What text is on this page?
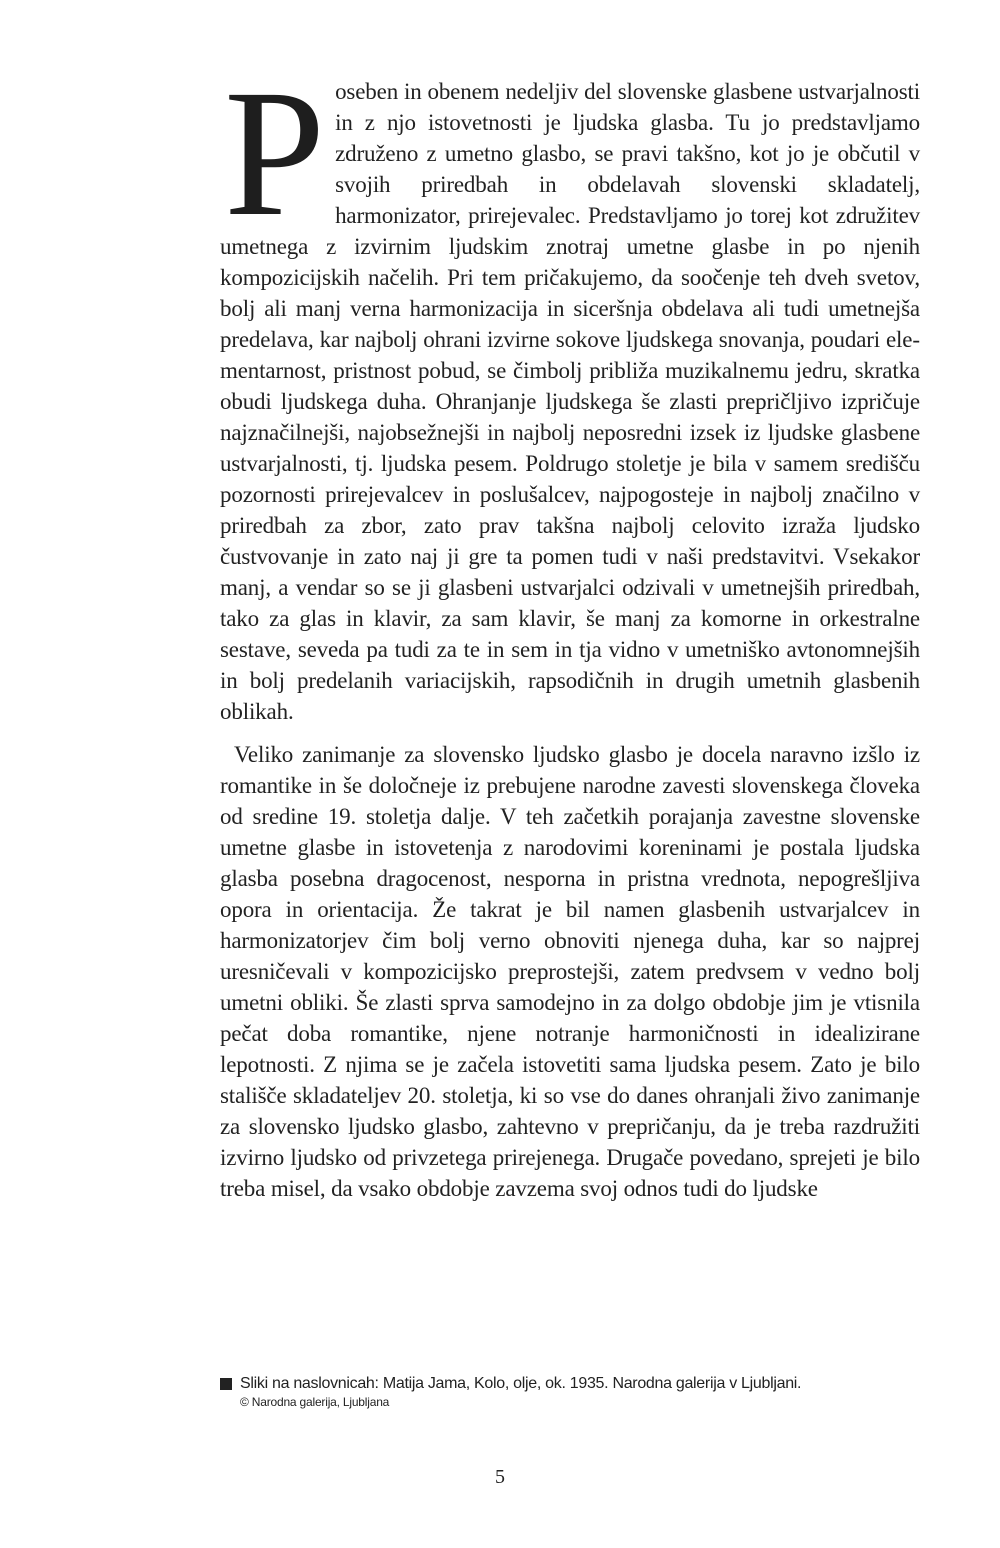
Poseben in obenem nedeljiv del slovenske glasbene ustvarjalnosti in z njo istovetnosti je ljudska glasba. Tu jo predstavljamo združeno z umetno glasbo, se pravi takšno, kot jo je občutil v svojih priredbah in obdelavah slovenski skladatelj, harmonizator, prirejevalec. Predstavljamo jo torej kot združitev umetnega z izvirnim ljudskim znotraj umetne glasbe in po njenih kompozicijskih načelih. Pri tem pričakujemo, da soočenje teh dveh svetov, bolj ali manj verna harmonizacija in siceršnja obdelava ali tudi umetnejša predelava, kar najbolj ohrani izvirne sokove ljudskega snovanja, poudari elementarnost, pristnost pobud, se čimbolj približa muzikalnemu jedru, skratka obudi ljudskega duha. Ohranjanje ljudskega še zlasti prepričljivo izpričuje najznačilnejši, najobsežnejši in najbolj neposredni izsek iz ljudske glasbene ustvarjalnosti, tj. ljudska pesem. Poldrugo stoletje je bila v samem središču pozornosti prirejevalcev in poslušalcev, najpogosteje in najbolj značilno v priredbah za zbor, zato prav takšna najbolj celovito izraža ljudsko čustvovanje in zato naj ji gre ta pomen tudi v naši predstavitvi. Vsekakor manj, a vendar so se ji glasbeni ustvarjalci odzivali v umetnejših priredbah, tako za glas in klavir, za sam klavir, še manj za komorne in orkestralne sestave, seveda pa tudi za te in sem in tja vidno v umetniško avtonomnejših in bolj predelanih variacijskih, rapsodičnih in drugih umetnih glasbenih oblikah.

Veliko zanimanje za slovensko ljudsko glasbo je docela naravno izšlo iz romantike in še določneje iz prebujene narodne zavesti slovenskega človeka od sredine 19. stoletja dalje. V teh začetkih porajanja zavestne slovenske umetne glasbe in istovetenja z narodovimi koreninami je postala ljudska glasba posebna dragocenost, nesporna in pristna vrednota, nepogrešljiva opora in orientacija. Že takrat je bil namen glasbenih ustvarjalcev in harmonizatorjev čim bolj verno obnoviti njenega duha, kar so najprej uresničevali v kompozicijsko preprostejši, zatem predvsem v vedno bolj umetni obliki. Še zlasti sprva samodejno in za dolgo obdobje jim je vtisnila pečat doba romantike, njene notranje harmoničnosti in idealizirane lepotnosti. Z njima se je začela istovetiti sama ljudska pesem. Zato je bilo stališče skladateljev 20. stoletja, ki so vse do danes ohranjali živo zanimanje za slovensko ljudsko glasbo, zahtevno v prepričanju, da je treba razdružiti izvirno ljudsko od privzetega prirejenega. Drugače povedano, sprejeti je bilo treba misel, da vsako obdobje zavzema svoj odnos tudi do ljudske

Sliki na naslovnicah: Matija Jama, Kolo, olje, ok. 1935. Narodna galerija v Ljubljani.
© Narodna galerija, Ljubljana
5
